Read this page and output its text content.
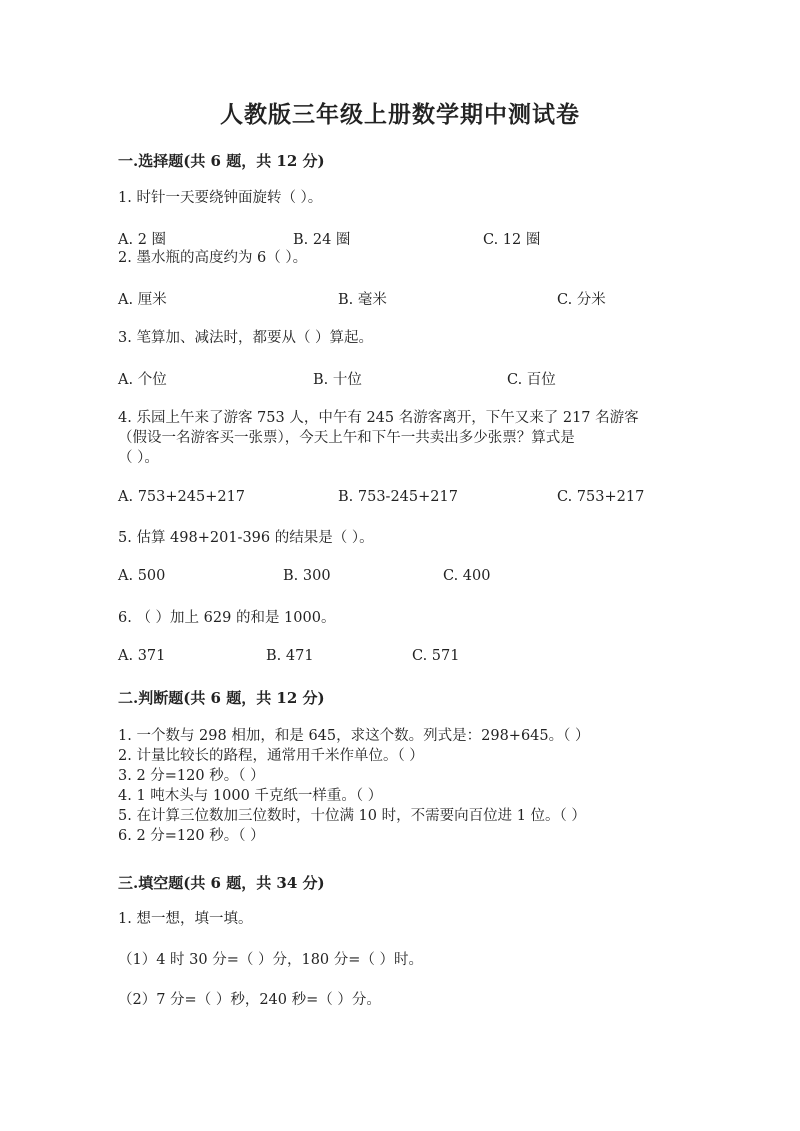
人教版三年级上册数学期中测试卷
一.选择题(共 6 题，共 12 分)
1. 时针一天要绕钟面旋转（ ）。
A. 2 圈	B. 24 圈	C. 12 圈
2. 墨水瓶的高度约为 6（ ）。
A. 厘米	B. 毫米	C. 分米
3. 笔算加、减法时，都要从（ ）算起。
A. 个位	B. 十位	C. 百位
4. 乐园上午来了游客 753 人，中午有 245 名游客离开，下午又来了 217 名游客
（假设一名游客买一张票），今天上午和下午一共卖出多少张票？算式是
（ ）。
A. 753+245+217	B. 753-245+217	C. 753+217
5. 估算 498+201-396 的结果是（ ）。
A. 500	B. 300	C. 400
6. （ ）加上 629 的和是 1000。
A. 371	B. 471	C. 571
二.判断题(共 6 题，共 12 分)
1. 一个数与 298 相加，和是 645，求这个数。列式是：298+645。（ ）
2. 计量比较长的路程，通常用千米作单位。（ ）
3. 2 分=120 秒。（ ）
4. 1 吨木头与 1000 千克纸一样重。（ ）
5. 在计算三位数加三位数时，十位满 10 时，不需要向百位进 1 位。（ ）
6. 2 分=120 秒。（ ）
三.填空题(共 6 题，共 34 分)
1. 想一想，填一填。
（1）4 时 30 分=（ ）分，180 分=（ ）时。
（2）7 分=（ ）秒，240 秒=（ ）分。
